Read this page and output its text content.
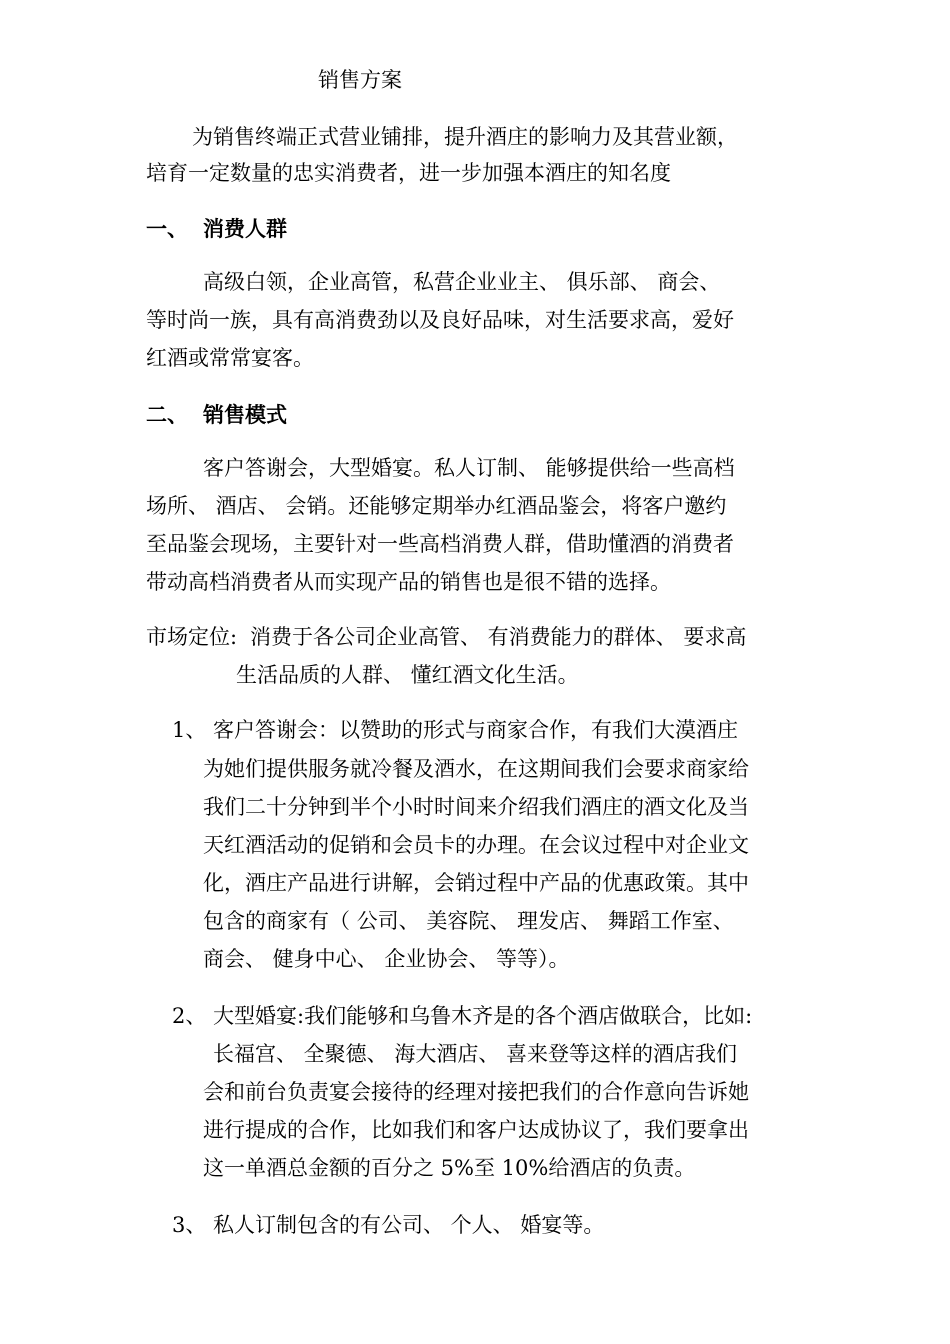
销售方案
为销售终端正式营业铺排，提升酒庄的影响力及其营业额，
培育一定数量的忠实消费者，进一步加强本酒庄的知名度
一、 消费人群
高级白领，企业高管，私营企业业主、 俱乐部、 商会、
等时尚一族，具有高消费劲以及良好品味，对生活要求高，爱好
红酒或常常宴客。
二、 销售模式
客户答谢会，大型婚宴。私人订制、 能够提供给一些高档
场所、 酒店、 会销。还能够定期举办红酒品鉴会，将客户邀约
至品鉴会现场，主要针对一些高档消费人群，借助懂酒的消费者
带动高档消费者从而实现产品的销售也是很不错的选择。
市场定位: 消费于各公司企业高管、 有消费能力的群体、 要求高
生活品质的人群、 懂红酒文化生活。
1、 客户答谢会：以赞助的形式与商家合作，有我们大漠酒庄
为她们提供服务就冷餐及酒水，在这期间我们会要求商家给
我们二十分钟到半个小时时间来介绍我们酒庄的酒文化及当
天红酒活动的促销和会员卡的办理。在会议过程中对企业文
化，酒庄产品进行讲解，会销过程中产品的优惠政策。其中
包含的商家有（ 公司、 美容院、 理发店、 舞蹈工作室、
商会、 健身中心、 企业协会、 等等）。
2、 大型婚宴:我们能够和乌鲁木齐是的各个酒店做联合，比如:
长福宫、 全聚德、 海大酒店、 喜来登等这样的酒店我们
会和前台负责宴会接待的经理对接把我们的合作意向告诉她
进行提成的合作，比如我们和客户达成协议了，我们要拿出
这一单酒总金额的百分之 5%至 10%给酒店的负责。
3、 私人订制包含的有公司、 个人、 婚宴等。
